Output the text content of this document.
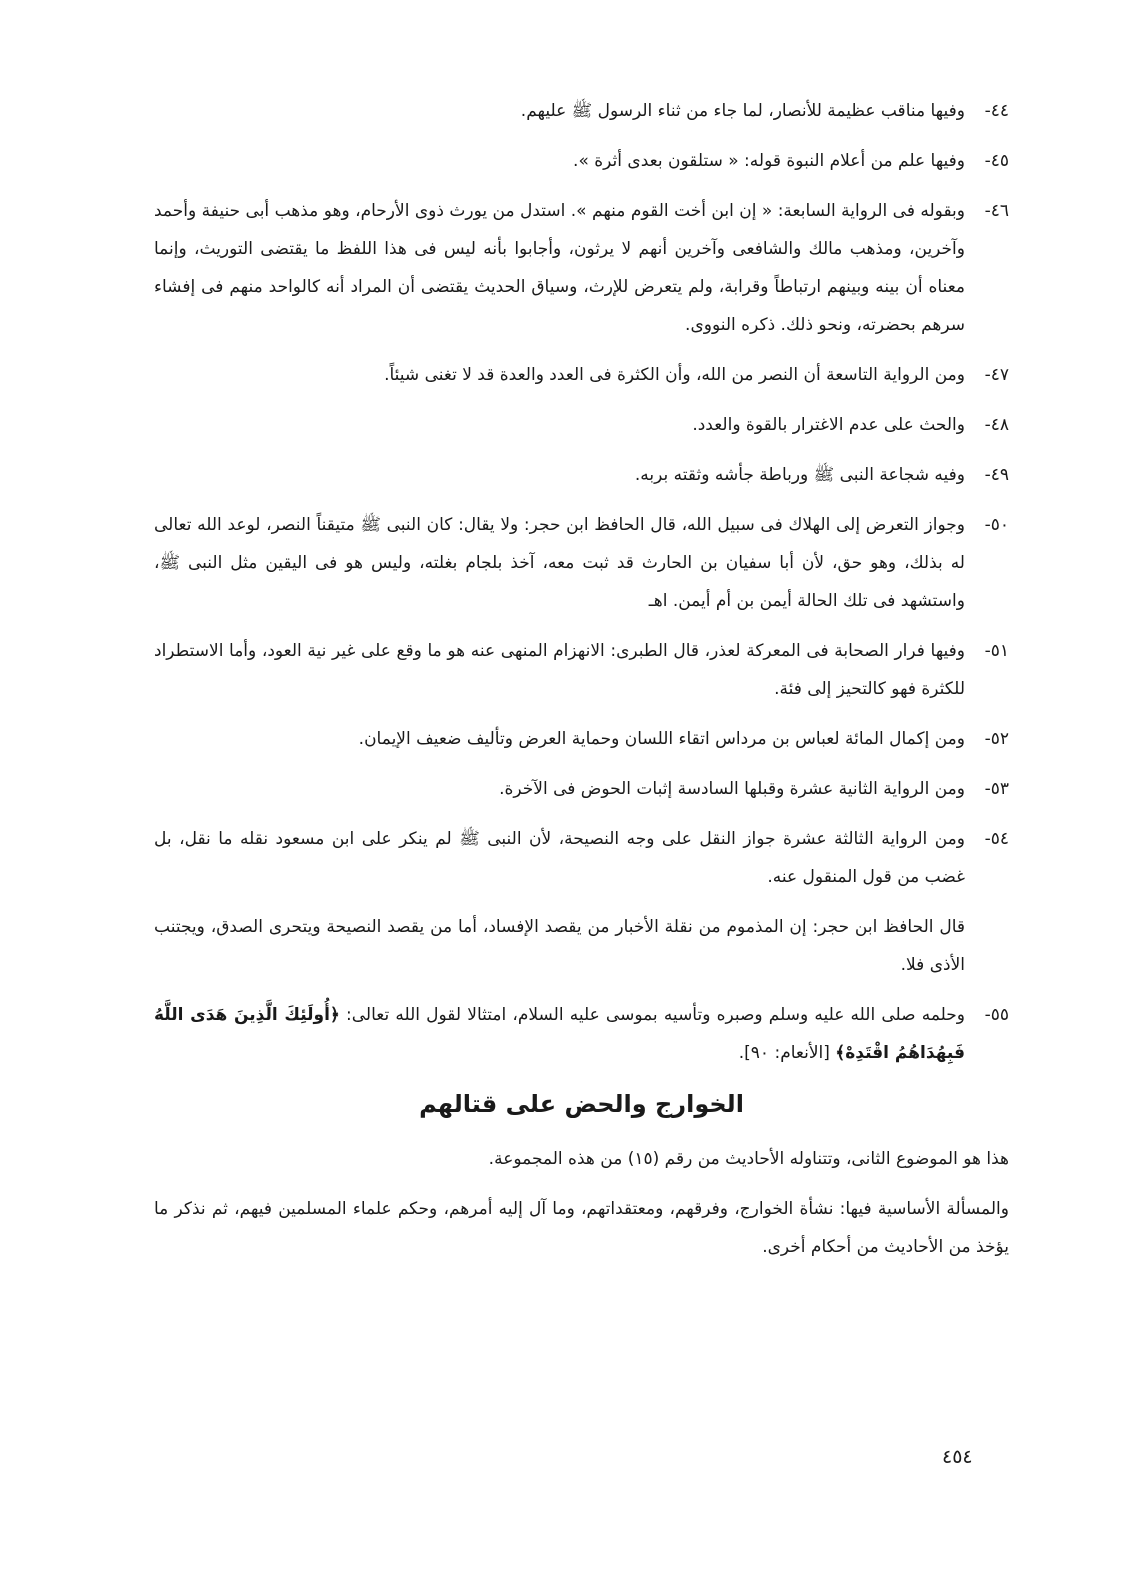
٤٤-
وفيها مناقب عظيمة للأنصار، لما جاء من ثناء الرسول ﷺ عليهم.
٤٥-
وفيها علم من أعلام النبوة قوله: « ستلقون بعدى أثرة ».
٤٦-
وبقوله فى الرواية السابعة: « إن ابن أخت القوم منهم ». استدل من يورث ذوى الأرحام، وهو مذهب أبى حنيفة وأحمد وآخرين، ومذهب مالك والشافعى وآخرين أنهم لا يرثون، وأجابوا بأنه ليس فى هذا اللفظ ما يقتضى التوريث، وإنما معناه أن بينه وبينهم ارتباطاً وقرابة، ولم يتعرض للإرث، وسياق الحديث يقتضى أن المراد أنه كالواحد منهم فى إفشاء سرهم بحضرته، ونحو ذلك. ذكره النووى.
٤٧-
ومن الرواية التاسعة أن النصر من الله، وأن الكثرة فى العدد والعدة قد لا تغنى شيئاً.
٤٨-
والحث على عدم الاغترار بالقوة والعدد.
٤٩-
وفيه شجاعة النبى ﷺ ورباطة جأشه وثقته بربه.
٥٠-
وجواز التعرض إلى الهلاك فى سبيل الله، قال الحافظ ابن حجر: ولا يقال: كان النبى ﷺ متيقناً النصر، لوعد الله تعالى له بذلك، وهو حق، لأن أبا سفيان بن الحارث قد ثبت معه، آخذ بلجام بغلته، وليس هو فى اليقين مثل النبى ﷺ، واستشهد فى تلك الحالة أيمن بن أم أيمن. اهـ
٥١-
وفيها فرار الصحابة فى المعركة لعذر، قال الطبرى: الانهزام المنهى عنه هو ما وقع على غير نية العود، وأما الاستطراد للكثرة فهو كالتحيز إلى فئة.
٥٢-
ومن إكمال المائة لعباس بن مرداس اتقاء اللسان وحماية العرض وتأليف ضعيف الإيمان.
٥٣-
ومن الرواية الثانية عشرة وقبلها السادسة إثبات الحوض فى الآخرة.
٥٤-
ومن الرواية الثالثة عشرة جواز النقل على وجه النصيحة، لأن النبى ﷺ لم ينكر على ابن مسعود نقله ما نقل، بل غضب من قول المنقول عنه.

قال الحافظ ابن حجر: إن المذموم من نقلة الأخبار من يقصد الإفساد، أما من يقصد النصيحة ويتحرى الصدق، ويجتنب الأذى فلا.

٥٥-
وحلمه صلى الله عليه وسلم وصبره وتأسيه بموسى عليه السلام، امتثالا لقول الله تعالى: ﴿أُولَئِكَ الَّذِينَ هَدَى اللَّهُ فَبِهُدَاهُمُ اقْتَدِهْ﴾ [الأنعام: ٩٠].
الخوارج والحض على قتالهم

هذا هو الموضوع الثانى، وتتناوله الأحاديث من رقم (١٥) من هذه المجموعة.

والمسألة الأساسية فيها: نشأة الخوارج، وفرقهم، ومعتقداتهم، وما آل إليه أمرهم، وحكم علماء المسلمين فيهم، ثم نذكر ما يؤخذ من الأحاديث من أحكام أخرى.

٤٥٤
